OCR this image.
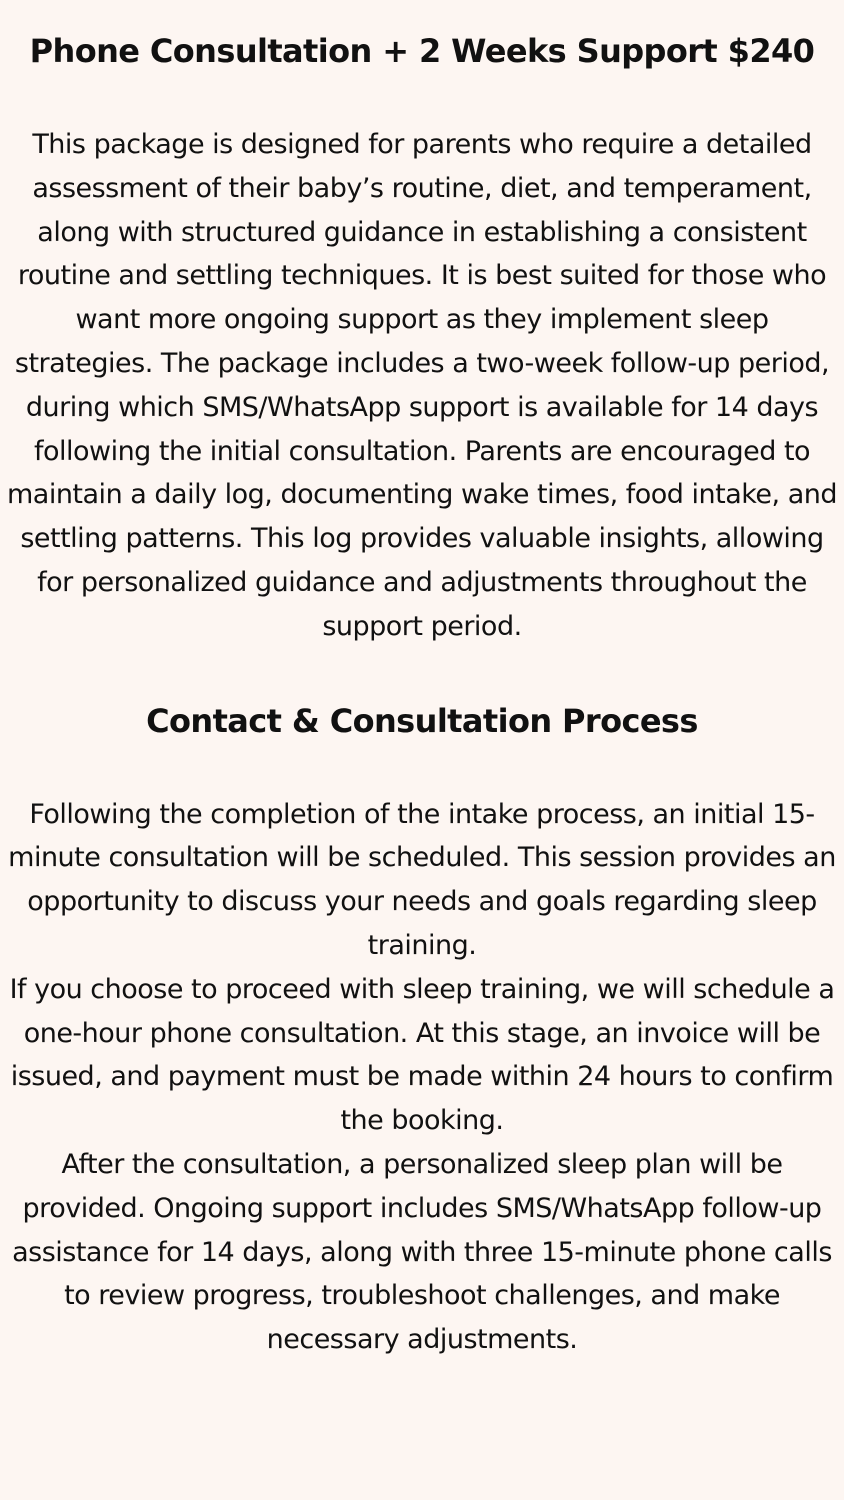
Phone Consultation + 2 Weeks Support $240

This package is designed for parents who require a detailed assessment of their baby’s routine, diet, and temperament, along with structured guidance in establishing a consistent routine and settling techniques. It is best suited for those who want more ongoing support as they implement sleep strategies. The package includes a two-week follow-up period, during which SMS/WhatsApp support is available for 14 days following the initial consultation. Parents are encouraged to maintain a daily log, documenting wake times, food intake, and settling patterns. This log provides valuable insights, allowing for personalized guidance and adjustments throughout the support period.

Contact & Consultation Process

Following the completion of the intake process, an initial 15-minute consultation will be scheduled. This session provides an opportunity to discuss your needs and goals regarding sleep training.

If you choose to proceed with sleep training, we will schedule a one-hour phone consultation. At this stage, an invoice will be issued, and payment must be made within 24 hours to confirm the booking.

After the consultation, a personalized sleep plan will be provided. Ongoing support includes SMS/WhatsApp follow-up assistance for 14 days, along with three 15-minute phone calls to review progress, troubleshoot challenges, and make necessary adjustments.
